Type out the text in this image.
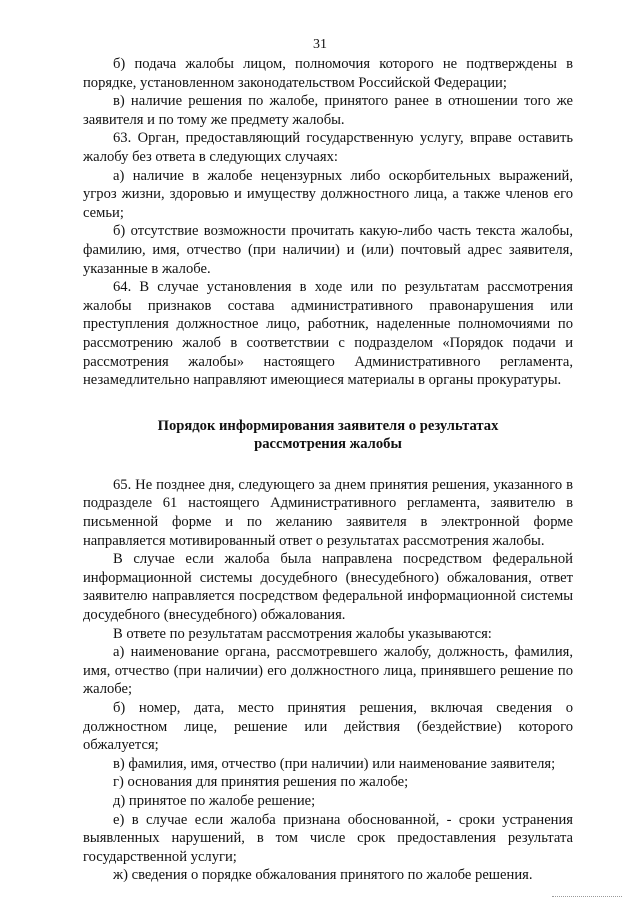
31

б) подача жалобы лицом, полномочия которого не подтверждены в порядке, установленном законодательством Российской Федерации;

в) наличие решения по жалобе, принятого ранее в отношении того же заявителя и по тому же предмету жалобы.

63. Орган, предоставляющий государственную услугу, вправе оставить жалобу без ответа в следующих случаях:

а) наличие в жалобе нецензурных либо оскорбительных выражений, угроз жизни, здоровью и имуществу должностного лица, а также членов его семьи;

б) отсутствие возможности прочитать какую-либо часть текста жалобы, фамилию, имя, отчество (при наличии) и (или) почтовый адрес заявителя, указанные в жалобе.

64. В случае установления в ходе или по результатам рассмотрения жалобы признаков состава административного правонарушения или преступления должностное лицо, работник, наделенные полномочиями по рассмотрению жалоб в соответствии с подразделом «Порядок подачи и рассмотрения жалобы» настоящего Административного регламента, незамедлительно направляют имеющиеся материалы в органы прокуратуры.

Порядок информирования заявителя о результатах
рассмотрения жалобы

65. Не позднее дня, следующего за днем принятия решения, указанного в подразделе 61 настоящего Административного регламента, заявителю в письменной форме и по желанию заявителя в электронной форме направляется мотивированный ответ о результатах рассмотрения жалобы.

В случае если жалоба была направлена посредством федеральной информационной системы досудебного (внесудебного) обжалования, ответ заявителю направляется посредством федеральной информационной системы досудебного (внесудебного) обжалования.

В ответе по результатам рассмотрения жалобы указываются:

а) наименование органа, рассмотревшего жалобу, должность, фамилия, имя, отчество (при наличии) его должностного лица, принявшего решение по жалобе;

б) номер, дата, место принятия решения, включая сведения о должностном лице, решение или действия (бездействие) которого обжалуется;

в) фамилия, имя, отчество (при наличии) или наименование заявителя;

г) основания для принятия решения по жалобе;

д) принятое по жалобе решение;

е) в случае если жалоба признана обоснованной, - сроки устранения выявленных нарушений, в том числе срок предоставления результата государственной услуги;

ж) сведения о порядке обжалования принятого по жалобе решения.
